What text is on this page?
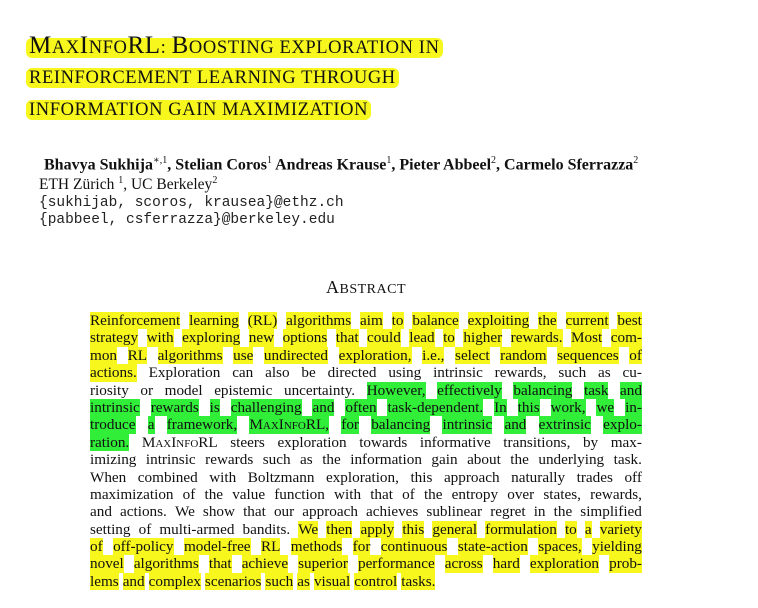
MAXINFORL: BOOSTING EXPLORATION IN
REINFORCEMENT LEARNING THROUGH
INFORMATION GAIN MAXIMIZATION
Bhavya Sukhija$^{∗,1}$, Stelian Coros$^1$ Andreas Krause$^1$, Pieter Abbeel$^2$, Carmelo Sferrazza$^2$
ETH Zürich $^1$, UC Berkeley$^2$
{sukhijab, scoros, krausea}@ethz.ch
{pabbeel, csferrazza}@berkeley.edu
ABSTRACT
Reinforcement learning (RL) algorithms aim to balance exploiting the current best
strategy with exploring new options that could lead to higher rewards. Most com-
mon RL algorithms use undirected exploration, i.e., select random sequences of
actions. Exploration can also be directed using intrinsic rewards, such as cu-
riosity or model epistemic uncertainty. However, effectively balancing task and
intrinsic rewards is challenging and often task-dependent. In this work, we in-
troduce a framework, MaxInfoRL, for balancing intrinsic and extrinsic explo-
ration. MaxInfoRL steers exploration towards informative transitions, by max-
imizing intrinsic rewards such as the information gain about the underlying task.
When combined with Boltzmann exploration, this approach naturally trades off
maximization of the value function with that of the entropy over states, rewards,
and actions. We show that our approach achieves sublinear regret in the simplified
setting of multi-armed bandits. We then apply this general formulation to a variety
of off-policy model-free RL methods for continuous state-action spaces, yielding
novel algorithms that achieve superior performance across hard exploration prob-
lems and complex scenarios such as visual control tasks.
